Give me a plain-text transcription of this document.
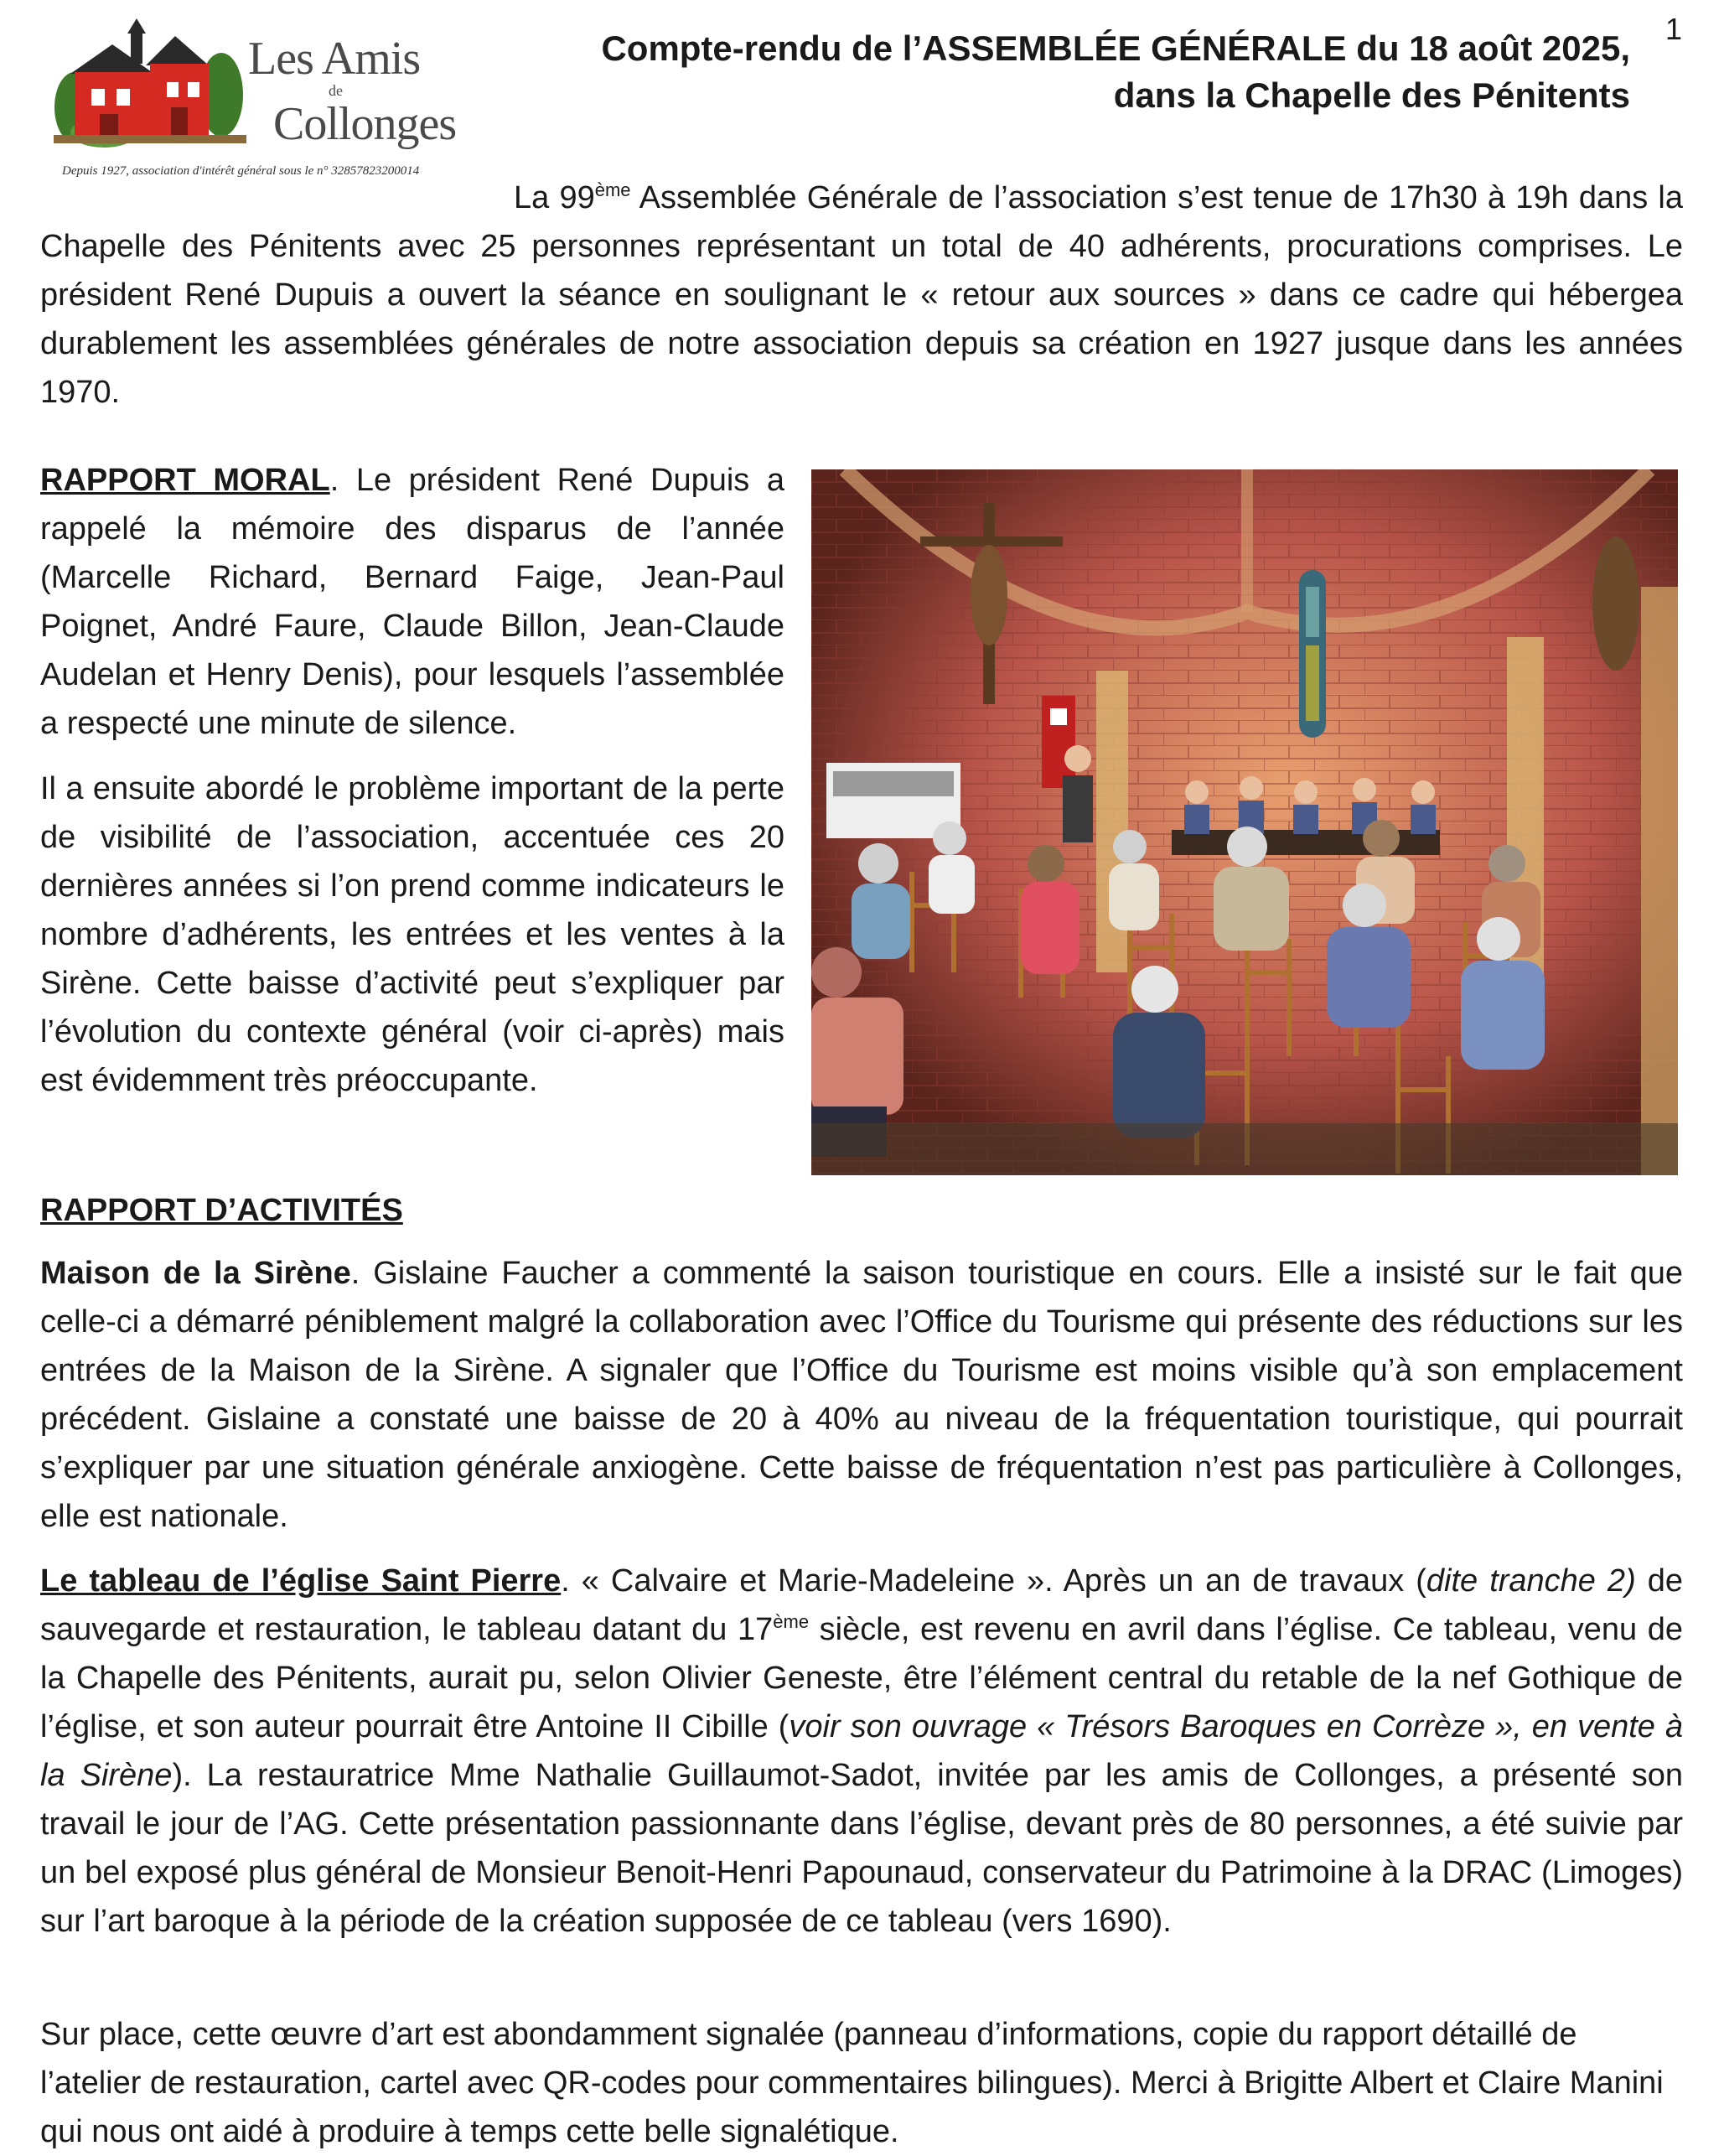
1
Les Amis
de
Collonges
Depuis 1927, association d'intérêt général sous le n° 32857823200014
Compte-rendu de l’ASSEMBLÉE GÉNÉRALE du 18 août 2025,
dans la Chapelle des Pénitents

La 99ème Assemblée Générale de l’association s’est tenue de 17h30 à 19h dans la Chapelle des Pénitents avec 25 personnes représentant un total de 40 adhérents, procurations comprises. Le président René Dupuis a ouvert la séance en soulignant le « retour aux sources » dans ce cadre qui hébergea durablement les assemblées générales de notre association depuis sa création en 1927 jusque dans les années 1970.

RAPPORT MORAL. Le président René Dupuis a rappelé la mémoire des disparus de l’année (Marcelle Richard, Bernard Faige, Jean-Paul Poignet, André Faure, Claude Billon, Jean-Claude Audelan et Henry Denis), pour lesquels l’assemblée a respecté une minute de silence.

Il a ensuite abordé le problème important de la perte de visibilité de l’association, accentuée ces 20 dernières années si l’on prend comme indicateurs le nombre d’adhérents, les entrées et les ventes à la Sirène. Cette baisse d’activité peut s’expliquer par l’évolution du contexte général (voir ci-après) mais est évidemment très préoccupante.

RAPPORT D’ACTIVITÉS

Maison de la Sirène. Gislaine Faucher a commenté la saison touristique en cours. Elle a insisté sur le fait que celle-ci a démarré péniblement malgré la collaboration avec l’Office du Tourisme qui présente des réductions sur les entrées de la Maison de la Sirène. A signaler que l’Office du Tourisme est moins visible qu’à son emplacement précédent. Gislaine a constaté une baisse de 20 à 40% au niveau de la fréquentation touristique, qui pourrait s’expliquer par une situation générale anxiogène. Cette baisse de fréquentation n’est pas particulière à Collonges, elle est nationale.

Le tableau de l’église Saint Pierre. « Calvaire et Marie-Madeleine ». Après un an de travaux (dite tranche 2) de sauvegarde et restauration, le tableau datant du 17ème siècle, est revenu en avril dans l’église. Ce tableau, venu de la Chapelle des Pénitents, aurait pu, selon Olivier Geneste, être l’élément central du retable de la nef Gothique de l’église, et son auteur pourrait être Antoine II Cibille (voir son ouvrage « Trésors Baroques en Corrèze », en vente à la Sirène). La restauratrice Mme Nathalie Guillaumot-Sadot, invitée par les amis de Collonges, a présenté son travail le jour de l’AG. Cette présentation passionnante dans l’église, devant près de 80 personnes, a été suivie par un bel exposé plus général de Monsieur Benoit-Henri Papounaud, conservateur du Patrimoine à la DRAC (Limoges) sur l’art baroque à la période de la création supposée de ce tableau (vers 1690).

Sur place, cette œuvre d’art est abondamment signalée (panneau d’informations, copie du rapport détaillé de l’atelier de restauration, cartel avec QR-codes pour commentaires bilingues). Merci à Brigitte Albert et Claire Manini qui nous ont aidé à produire à temps cette belle signalétique.
